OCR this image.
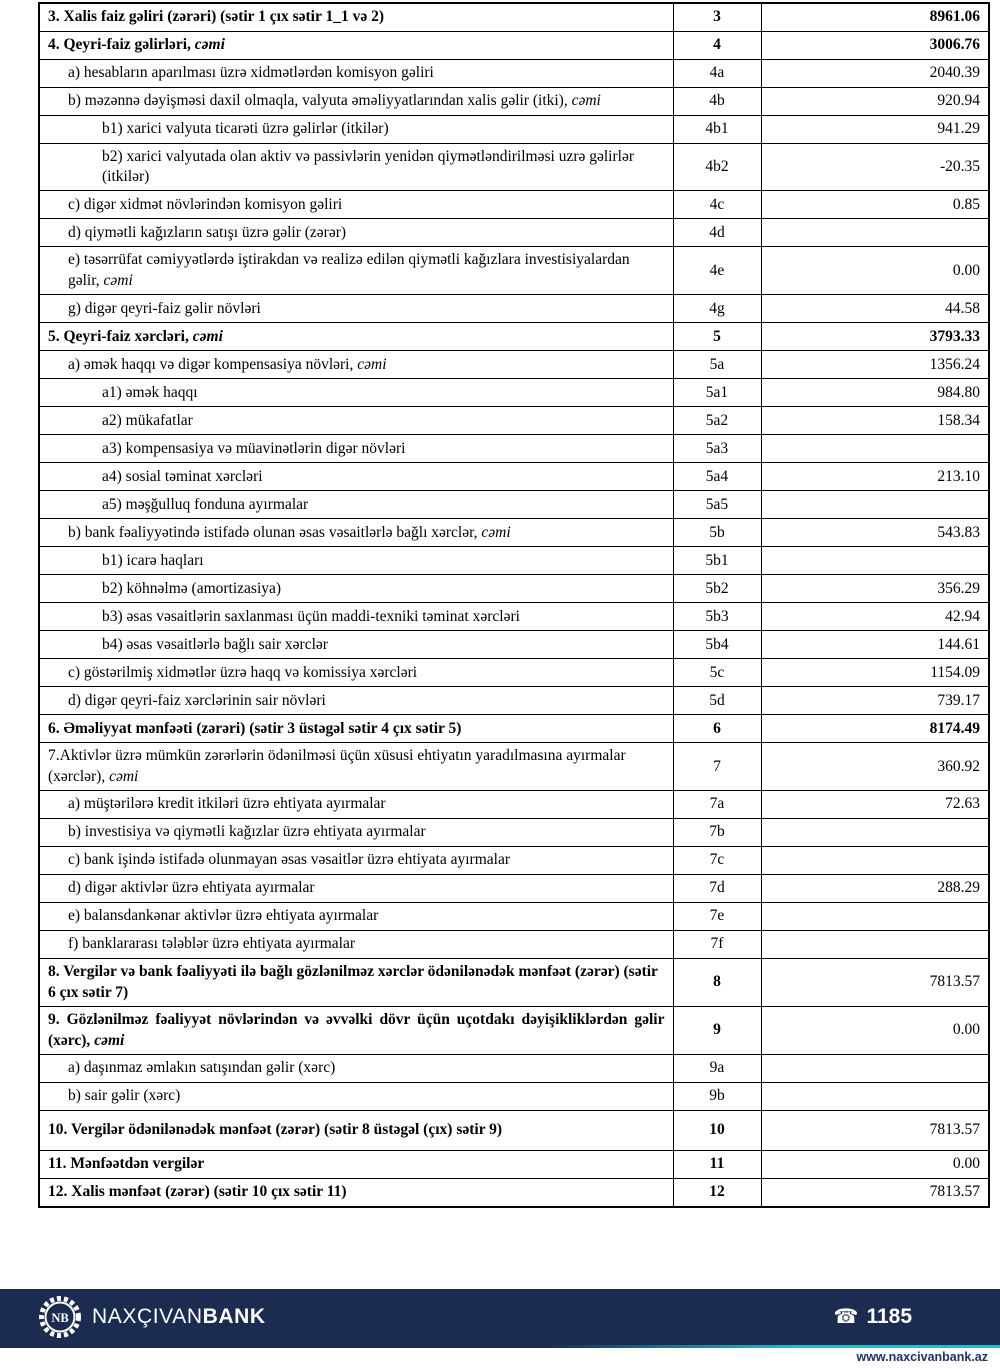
3. Xalis faiz gəliri (zərəri) (sətir 1 çıx sətir 1_1 və 2)	3	8961.06
4. Qeyri-faiz gəlirləri, cəmi	4	3006.76
a) hesabların aparılması üzrə xidmətlərdən komisyon gəliri	4a	2040.39
b) məzənnə dəyişməsi daxil olmaqla, valyuta əməliyyatlarından xalis gəlir (itki), cəmi	4b	920.94
b1) xarici valyuta ticarəti üzrə gəlirlər (itkilər)	4b1	941.29
b2) xarici valyutada olan aktiv və passivlərin yenidən qiymətləndirilməsi uzrə gəlirlər (itkilər)	4b2	-20.35
c) digər xidmət növlərindən komisyon gəliri	4c	0.85
d) qiymətli kağızların satışı üzrə gəlir (zərər)	4d	
e) təsərrüfat cəmiyyətlərdə iştirakdan və realizə edilən qiymətli kağızlara investisiyalardan gəlir, cəmi	4e	0.00
g) digər qeyri-faiz gəlir növləri	4g	44.58
5. Qeyri-faiz xərcləri, cəmi	5	3793.33
a) əmək haqqı və digər kompensasiya növləri, cəmi	5a	1356.24
a1) əmək haqqı	5a1	984.80
a2) mükafatlar	5a2	158.34
a3) kompensasiya və müavinətlərin digər növləri	5a3	
a4) sosial təminat xərcləri	5a4	213.10
a5) məşğulluq fonduna ayırmalar	5a5	
b) bank fəaliyyətində istifadə olunan əsas vəsaitlərlə bağlı xərclər, cəmi	5b	543.83
b1) icarə haqları	5b1	
b2) köhnəlmə (amortizasiya)	5b2	356.29
b3) əsas vəsaitlərin saxlanması üçün maddi-texniki təminat xərcləri	5b3	42.94
b4) əsas vəsaitlərlə bağlı sair xərclər	5b4	144.61
c) göstərilmiş xidmətlər üzrə haqq və komissiya xərcləri	5c	1154.09
d) digər qeyri-faiz xərclərinin sair növləri	5d	739.17
6. Əməliyyat mənfəəti (zərəri) (sətir 3 üstəgəl sətir 4 çıx sətir 5)	6	8174.49
7.Aktivlər üzrə mümkün zərərlərin ödənilməsi üçün xüsusi ehtiyatın yaradılmasına ayırmalar (xərclər), cəmi	7	360.92
a) müştərilərə kredit itkiləri üzrə ehtiyata ayırmalar	7a	72.63
b) investisiya və qiymətli kağızlar üzrə ehtiyata ayırmalar	7b	
c) bank işində istifadə olunmayan əsas vəsaitlər üzrə ehtiyata ayırmalar	7c	
d) digər aktivlər üzrə ehtiyata ayırmalar	7d	288.29
e) balansdankənar aktivlər üzrə ehtiyata ayırmalar	7e	
f) banklararası tələblər üzrə ehtiyata ayırmalar	7f	
8. Vergilər və bank fəaliyyəti ilə bağlı gözlənilməz xərclər ödənilənədək mənfəət (zərər) (sətir 6 çıx sətir 7)	8	7813.57
9. Gözlənilməz fəaliyyət növlərindən və əvvəlki dövr üçün uçotdakı dəyişikliklərdən gəlir (xərc), cəmi	9	0.00
a) daşınmaz əmlakın satışından gəlir (xərc)	9a	
b) sair gəlir (xərc)	9b	
10. Vergilər ödənilənədək mənfəət (zərər) (sətir 8 üstəgəl (çıx) sətir 9)	10	7813.57
11. Mənfəətdən vergilər	11	0.00
12. Xalis mənfəət (zərər) (sətir 10 çıx sətir 11)	12	7813.57
NB NAXÇIVANBANK	☎ 1185
www.naxcivanbank.az
